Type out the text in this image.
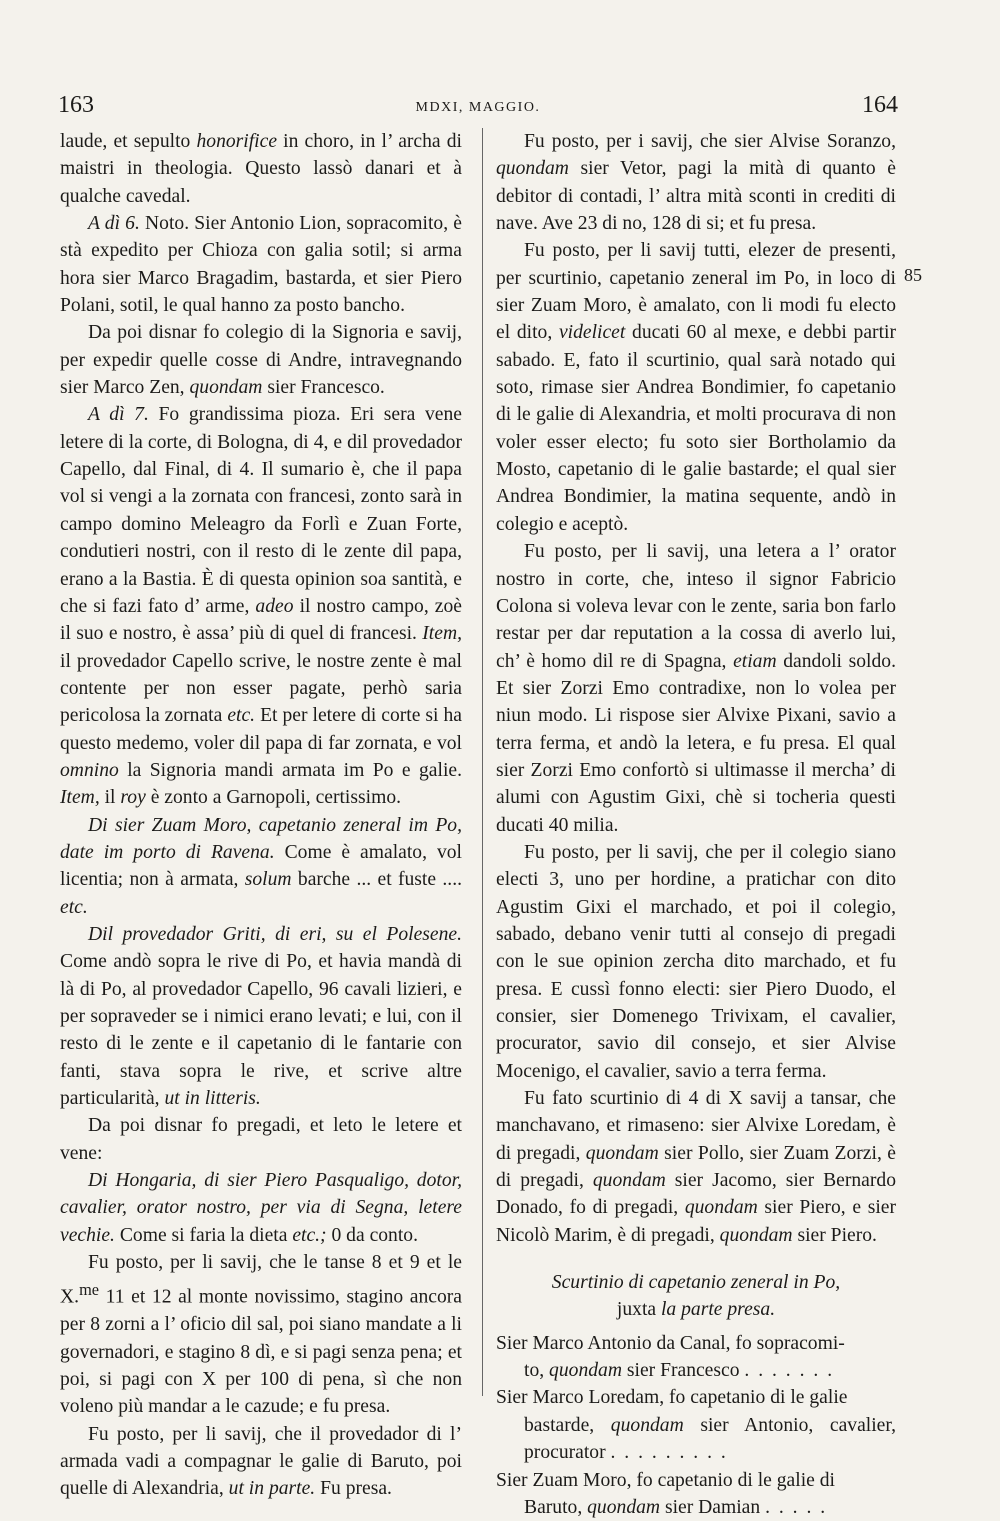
163	MDXI, MAGGIO.	164
85

laude, et sepulto honorifice in choro, in l’ archa di maistri in theologia. Questo lassò danari et à qualche cavedal.

A dì 6. Noto. Sier Antonio Lion, sopracomito, è stà expedito per Chioza con galia sotil; si arma hora sier Marco Bragadim, bastarda, et sier Piero Polani, sotil, le qual hanno za posto bancho.

Da poi disnar fo colegio di la Signoria e savij, per expedir quelle cosse di Andre, intravegnando sier Marco Zen, quondam sier Francesco.

A dì 7. Fo grandissima pioza. Eri sera vene letere di la corte, di Bologna, di 4, e dil provedador Capello, dal Final, di 4. Il sumario è, che il papa vol si vengi a la zornata con francesi, zonto sarà in campo domino Meleagro da Forlì e Zuan Forte, condutieri nostri, con il resto di le zente dil papa, erano a la Bastia. È di questa opinion soa santità, e che si fazi fato d’ arme, adeo il nostro campo, zoè il suo e nostro, è assa’ più di quel di francesi. Item, il provedador Capello scrive, le nostre zente è mal contente per non esser pagate, perhò saria pericolosa la zornata etc. Et per letere di corte si ha questo medemo, voler dil papa di far zornata, e vol omnino la Signoria mandi armata im Po e galie. Item, il roy è zonto a Garnopoli, certissimo.

Di sier Zuam Moro, capetanio zeneral im Po, date im porto di Ravena. Come è amalato, vol licentia; non à armata, solum barche ... et fuste .... etc.

Dil provedador Griti, di eri, su el Polesene. Come andò sopra le rive di Po, et havia mandà di là di Po, al provedador Capello, 96 cavali lizieri, e per sopraveder se i nimici erano levati; e lui, con il resto di le zente e il capetanio di le fantarie con fanti, stava sopra le rive, et scrive altre particularità, ut in litteris.

Da poi disnar fo pregadi, et leto le letere et vene:

Di Hongaria, di sier Piero Pasqualigo, dotor, cavalier, orator nostro, per via di Segna, letere vechie. Come si faria la dieta etc.; 0 da conto.

Fu posto, per li savij, che le tanse 8 et 9 et le X.$^{me}$ 11 et 12 al monte novissimo, stagino ancora per 8 zorni a l’ oficio dil sal, poi siano mandate a li governadori, e stagino 8 dì, e si pagi senza pena; et poi, si pagi con X per 100 di pena, sì che non voleno più mandar a le cazude; e fu presa.

Fu posto, per li savij, che il provedador di l’ armada vadi a compagnar le galie di Baruto, poi quelle di Alexandria, ut in parte. Fu presa.

Fu posto, per i savij, che sier Alvise Soranzo, quondam sier Vetor, pagi la mità di quanto è debitor di contadi, l’ altra mità sconti in crediti di nave. Ave 23 di no, 128 di si; et fu presa.

Fu posto, per li savij tutti, elezer de presenti, per scurtinio, capetanio zeneral im Po, in loco di sier Zuam Moro, è amalato, con li modi fu electo el dito, videlicet ducati 60 al mexe, e debbi partir sabado. E, fato il scurtinio, qual sarà notado qui soto, rimase sier Andrea Bondimier, fo capetanio di le galie di Alexandria, et molti procurava di non voler esser electo; fu soto sier Bortholamio da Mosto, capetanio di le galie bastarde; el qual sier Andrea Bondimier, la matina sequente, andò in colegio e aceptò.

Fu posto, per li savij, una letera a l’ orator nostro in corte, che, inteso il signor Fabricio Colona si voleva levar con le zente, saria bon farlo restar per dar reputation a la cossa di averlo lui, ch’ è homo dil re di Spagna, etiam dandoli soldo. Et sier Zorzi Emo contradixe, non lo volea per niun modo. Li rispose sier Alvixe Pixani, savio a terra ferma, et andò la letera, e fu presa. El qual sier Zorzi Emo confortò si ultimasse il mercha’ di alumi con Agustim Gixi, chè si tocheria questi ducati 40 milia.

Fu posto, per li savij, che per il colegio siano electi 3, uno per hordine, a pratichar con dito Agustim Gixi el marchado, et poi il colegio, sabado, debano venir tutti al consejo di pregadi con le sue opinion zercha dito marchado, et fu presa. E cussì fonno electi: sier Piero Duodo, el consier, sier Domenego Trivixam, el cavalier, procurator, savio dil consejo, et sier Alvise Mocenigo, el cavalier, savio a terra ferma.

Fu fato scurtinio di 4 di X savij a tansar, che manchavano, et rimaseno: sier Alvixe Loredam, è di pregadi, quondam sier Pollo, sier Zuam Zorzi, è di pregadi, quondam sier Jacomo, sier Bernardo Donado, fo di pregadi, quondam sier Piero, e sier Nicolò Marim, è di pregadi, quondam sier Piero.

Scurtinio di capetanio zeneral in Po,

juxta la parte presa.

Sier Marco Antonio da Canal, fo sopracomi-
to, quondam sier Francesco . . . . . . .

Sier Marco Loredam, fo capetanio di le galie
bastarde, quondam sier Antonio, cavalier, procurator . . . . . . . . .

Sier Zuam Moro, fo capetanio di le galie di
Baruto, quondam sier Damian . . . . .
